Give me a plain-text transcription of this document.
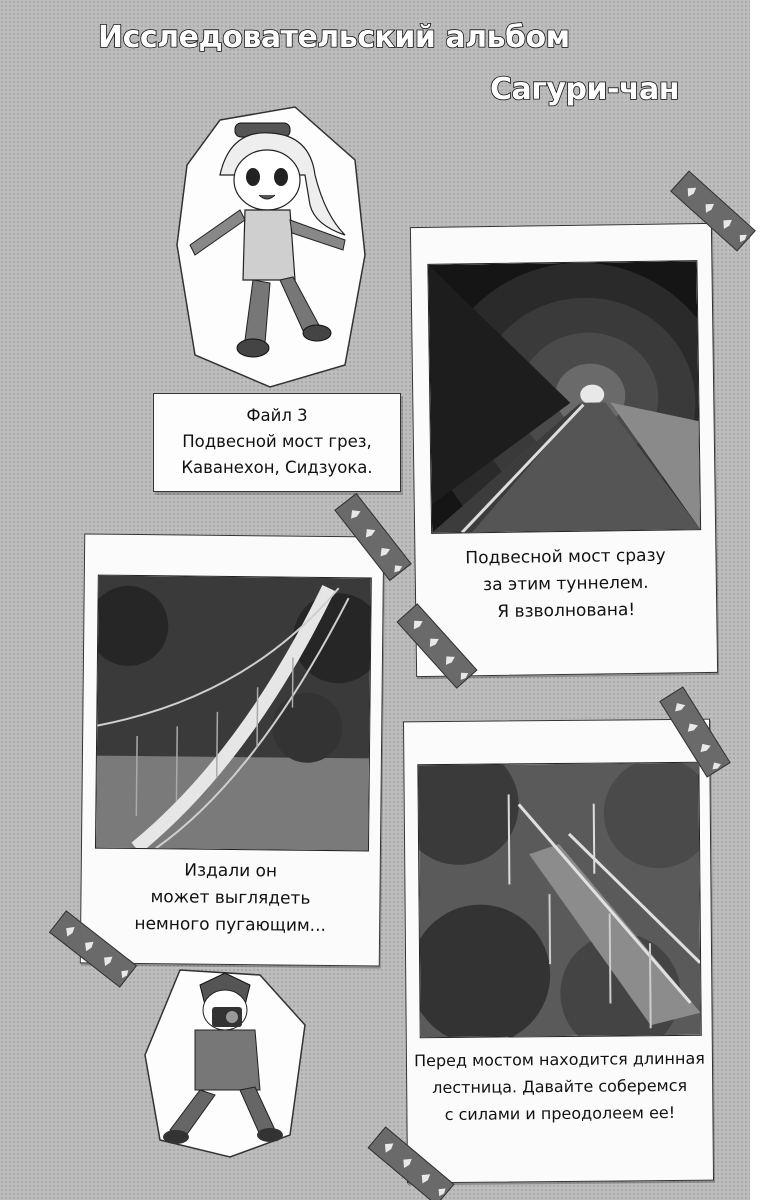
Исследовательский альбом
Сагури-чан
Файл 3
Подвесной мост грез,
Каванехон, Сидзуока.
Подвесной мост сразу
за этим туннелем.
Я взволнована!
Издали он
может выглядеть
немного пугающим...
Перед мостом находится длинная
лестница. Давайте соберемся
с силами и преодолеем ее!
